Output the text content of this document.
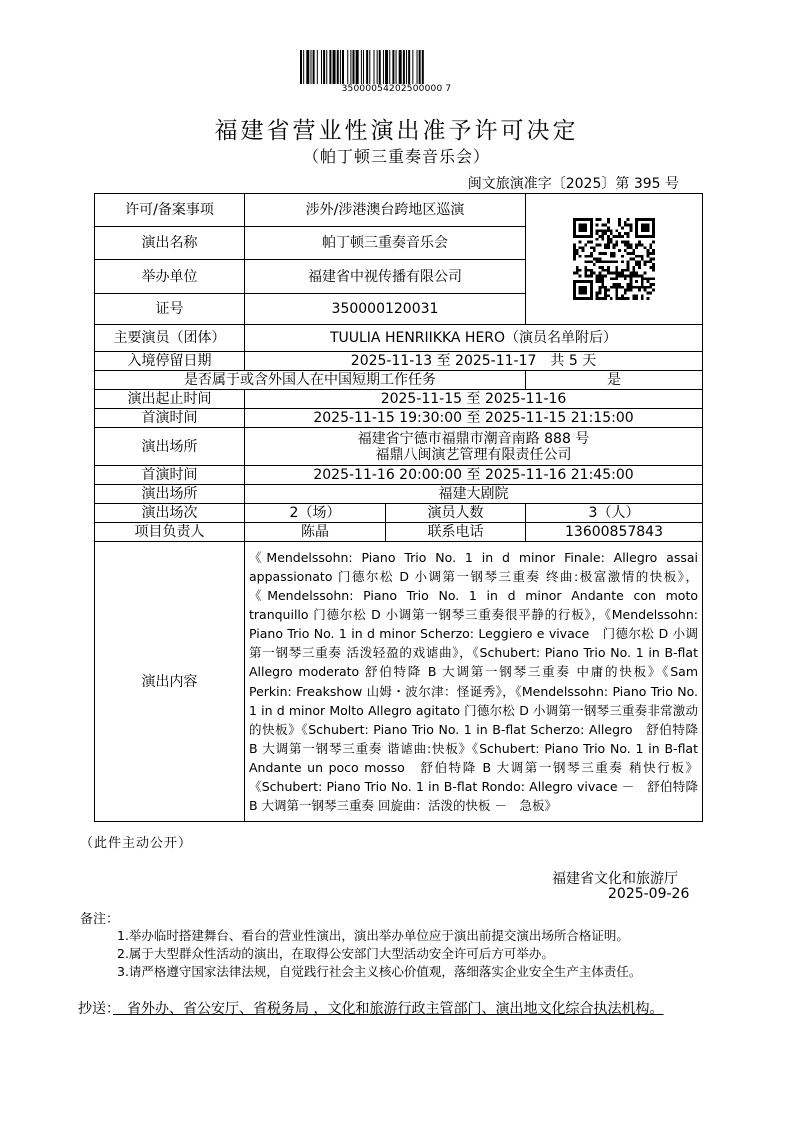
35000054202500000 7
福建省营业性演出准予许可决定
（帕丁顿三重奏音乐会）
闽文旅演准字〔2025〕第 395 号
许可/备案事项	涉外/涉港澳台跨地区巡演	

演出名称	帕丁顿三重奏音乐会		
举办单位	福建省中视传播有限公司		
证号	350000120031		
主要演员（团体）	TUULIA HENRIIKKA HERO（演员名单附后）		
入境停留日期	2025-11-13 至 2025-11-17　共 5 天		
是否属于或含外国人在中国短期工作任务			是
演出起止时间	2025-11-15 至 2025-11-16		
首演时间	2025-11-15 19:30:00 至 2025-11-15 21:15:00		
演出场所	福建省宁德市福鼎市潮音南路 888 号
福鼎八闽演艺管理有限责任公司		

首演时间	2025-11-16 20:00:00 至 2025-11-16 21:45:00		
演出场所	福建大剧院		
演出场次	2（场）	演员人数	3（人）
项目负责人	陈晶	联系电话	13600857843
演出内容	《Mendelssohn: Piano Trio No. 1 in d minor Finale: Allegro assai appassionato 门德尔松 D 小调第一钢琴三重奏 终曲:极富激情的快板》，《Mendelssohn: Piano Trio No. 1 in d minor Andante con moto tranquillo 门德尔松 D 小调第一钢琴三重奏很平静的行板》，《Mendelssohn: Piano Trio No. 1 in d minor Scherzo: Leggiero e vivace　门德尔松 D 小调第一钢琴三重奏 活泼轻盈的戏谑曲》，《Schubert: Piano Trio No. 1 in B-flat Allegro moderato 舒伯特降 B 大调第一钢琴三重奏 中庸的快板》《Sam Perkin: Freakshow 山姆・波尔津：怪诞秀》，《Mendelssohn: Piano Trio No. 1 in d minor Molto Allegro agitato 门德尔松 D 小调第一钢琴三重奏非常激动的快板》《Schubert: Piano Trio No. 1 in B-flat Scherzo: Allegro　舒伯特降 B 大调第一钢琴三重奏 谐谑曲:快板》《Schubert: Piano Trio No. 1 in B-flat Andante un poco mosso　舒伯特降 B 大调第一钢琴三重奏 稍快行板》《Schubert: Piano Trio No. 1 in B-flat Rondo: Allegro vivace －　舒伯特降 B 大调第一钢琴三重奏 回旋曲：活泼的快板 －　急板》		
（此件主动公开）
福建省文化和旅游厅
2025-09-26
备注：
1.举办临时搭建舞台、看台的营业性演出，演出举办单位应于演出前提交演出场所合格证明。
2.属于大型群众性活动的演出，在取得公安部门大型活动安全许可后方可举办。
3.请严格遵守国家法律法规，自觉践行社会主义核心价值观，落细落实企业安全生产主体责任。
抄送：　省外办、省公安厅、省税务局 ，文化和旅游行政主管部门、演出地文化综合执法机构。
